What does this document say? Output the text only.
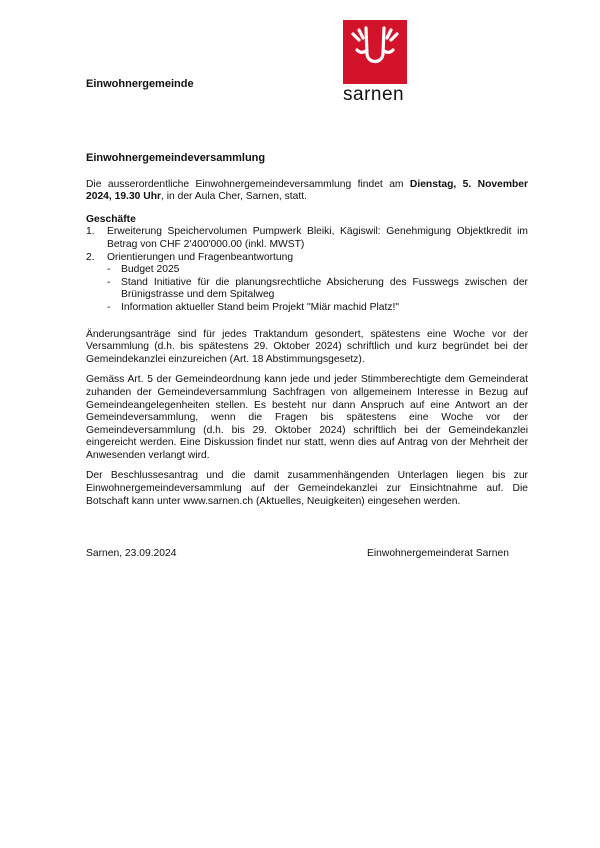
Einwohnergemeinde	sarnen
Einwohnergemeindeversammlung

Die ausserordentliche Einwohnergemeindeversammlung findet am Dienstag, 5. November 2024, 19.30 Uhr, in der Aula Cher, Sarnen, statt.

Geschäfte
1. Erweiterung Speichervolumen Pumpwerk Bleiki, Kägiswil: Genehmigung Objektkredit im Betrag von CHF 2'400'000.00 (inkl. MWST)
2. Orientierungen und Fragenbeantwortung
- Budget 2025
- Stand Initiative für die planungsrechtliche Absicherung des Fusswegs zwischen der Brünigstrasse und dem Spitalweg
- Information aktueller Stand beim Projekt "Miär machid Platz!"

Änderungsanträge sind für jedes Traktandum gesondert, spätestens eine Woche vor der Versammlung (d.h. bis spätestens 29. Oktober 2024) schriftlich und kurz begründet bei der Gemeindekanzlei einzureichen (Art. 18 Abstimmungsgesetz).

Gemäss Art. 5 der Gemeindeordnung kann jede und jeder Stimmberechtigte dem Gemeinderat zuhanden der Gemeindeversammlung Sachfragen von allgemeinem Interesse in Bezug auf Gemeindeangelegenheiten stellen. Es besteht nur dann Anspruch auf eine Antwort an der Gemeindeversammlung, wenn die Fragen bis spätestens eine Woche vor der Gemeindeversammlung (d.h. bis 29. Oktober 2024) schriftlich bei der Gemeindekanzlei eingereicht werden. Eine Diskussion findet nur statt, wenn dies auf Antrag von der Mehrheit der Anwesenden verlangt wird.

Der Beschlussesantrag und die damit zusammenhängenden Unterlagen liegen bis zur Einwohnergemeindeversammlung auf der Gemeindekanzlei zur Einsichtnahme auf. Die Botschaft kann unter www.sarnen.ch (Aktuelles, Neuigkeiten) eingesehen werden.

Sarnen, 23.09.2024	Einwohnergemeinderat Sarnen
